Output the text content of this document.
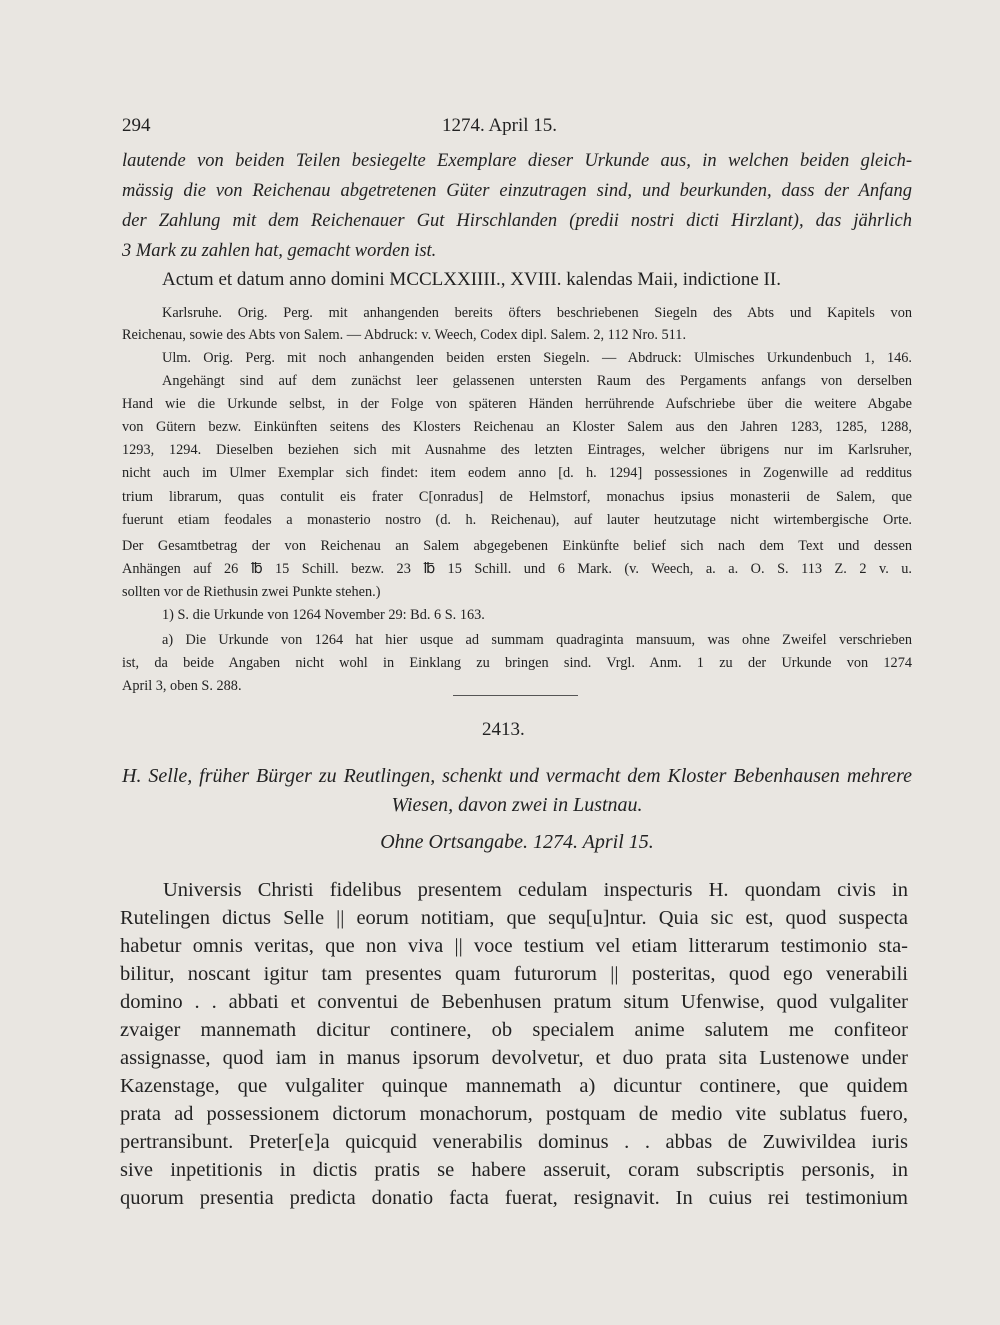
294	1274. April 15.
lautende von beiden Teilen besiegelte Exemplare dieser Urkunde aus, in welchen beiden gleich-
mässig die von Reichenau abgetretenen Güter einzutragen sind, und beurkunden, dass der Anfang
der Zahlung mit dem Reichenauer Gut Hirschlanden (predii nostri dicti Hirzlant), das jährlich
3 Mark zu zahlen hat, gemacht worden ist.
Actum et datum anno domini MCCLXXIIII., XVIII. kalendas Maii, indictione II.
Karlsruhe. Orig. Perg. mit anhangenden bereits öfters beschriebenen Siegeln des Abts und Kapitels von
Reichenau, sowie des Abts von Salem. — Abdruck: v. Weech, Codex dipl. Salem. 2, 112 Nro. 511.
Ulm. Orig. Perg. mit noch anhangenden beiden ersten Siegeln. — Abdruck: Ulmisches Urkundenbuch 1, 146.
Angehängt sind auf dem zunächst leer gelassenen untersten Raum des Pergaments anfangs von derselben
Hand wie die Urkunde selbst, in der Folge von späteren Händen herrührende Aufschriebe über die weitere Abgabe
von Gütern bezw. Einkünften seitens des Klosters Reichenau an Kloster Salem aus den Jahren 1283, 1285, 1288,
1293, 1294. Dieselben beziehen sich mit Ausnahme des letzten Eintrages, welcher übrigens nur im Karlsruher,
nicht auch im Ulmer Exemplar sich findet: item eodem anno [d. h. 1294] possessiones in Zogenwille ad redditus
trium librarum, quas contulit eis frater C[onradus] de Helmstorf, monachus ipsius monasterii de Salem, que
fuerunt etiam feodales a monasterio nostro (d. h. Reichenau), auf lauter heutzutage nicht wirtembergische Orte.
Der Gesamtbetrag der von Reichenau an Salem abgegebenen Einkünfte belief sich nach dem Text und dessen
Anhängen auf 26 ℔ 15 Schill. bezw. 23 ℔ 15 Schill. und 6 Mark. (v. Weech, a. a. O. S. 113 Z. 2 v. u.
sollten vor de Riethusin zwei Punkte stehen.)
1) S. die Urkunde von 1264 November 29: Bd. 6 S. 163.
a) Die Urkunde von 1264 hat hier usque ad summam quadraginta mansuum, was ohne Zweifel verschrieben
ist, da beide Angaben nicht wohl in Einklang zu bringen sind. Vrgl. Anm. 1 zu der Urkunde von 1274
April 3, oben S. 288.
2413.
H. Selle, früher Bürger zu Reutlingen, schenkt und vermacht dem Kloster Bebenhausen mehrere
Wiesen, davon zwei in Lustnau.
Ohne Ortsangabe. 1274. April 15.
Universis Christi fidelibus presentem cedulam inspecturis H. quondam civis in
Rutelingen dictus Selle || eorum notitiam, que sequ[u]ntur. Quia sic est, quod suspecta
habetur omnis veritas, que non viva || voce testium vel etiam litterarum testimonio sta-
bilitur, noscant igitur tam presentes quam futurorum || posteritas, quod ego venerabili
domino . . abbati et conventui de Bebenhusen pratum situm Ufenwise, quod vulgaliter
zvaiger mannemath dicitur continere, ob specialem anime salutem me confiteor
assignasse, quod iam in manus ipsorum devolvetur, et duo prata sita Lustenowe under
Kazenstage, que vulgaliter quinque mannemath a) dicuntur continere, que quidem
prata ad possessionem dictorum monachorum, postquam de medio vite sublatus fuero,
pertransibunt. Preter[e]a quicquid venerabilis dominus . . abbas de Zuwivildea iuris
sive inpetitionis in dictis pratis se habere asseruit, coram subscriptis personis, in
quorum presentia predicta donatio facta fuerat, resignavit. In cuius rei testimonium
